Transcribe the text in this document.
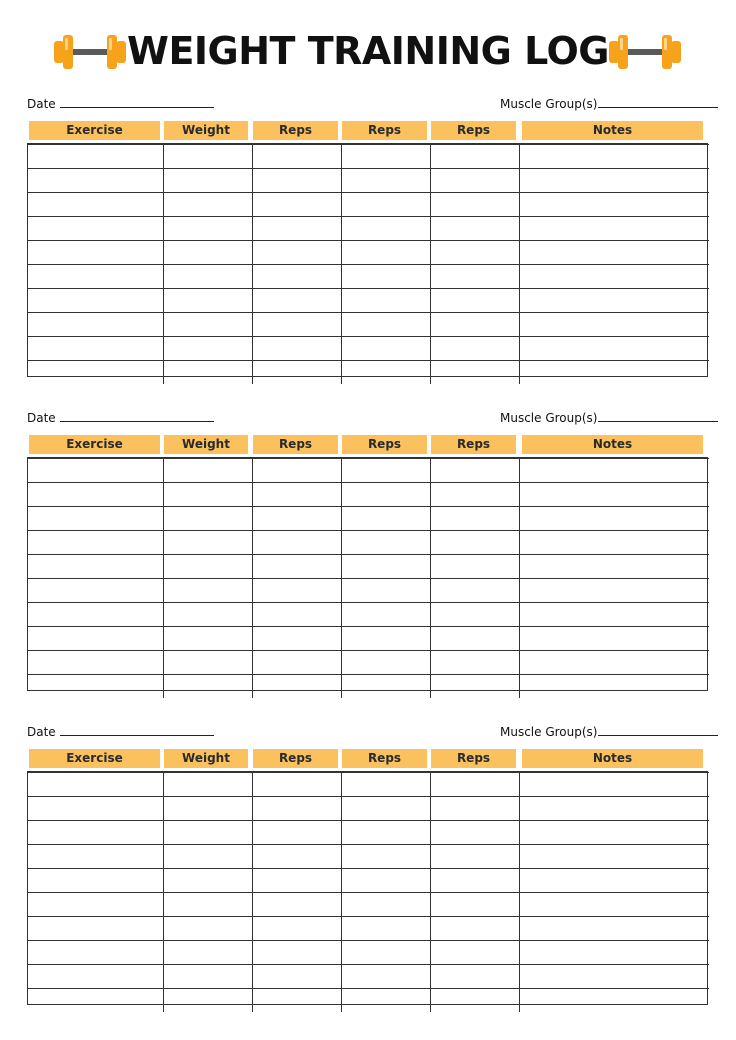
WEIGHT TRAINING LOG
Date	Muscle Group(s)
Exercise	Weight	Reps	Reps	Reps	Notes

Date	Muscle Group(s)
Exercise	Weight	Reps	Reps	Reps	Notes

Date	Muscle Group(s)
Exercise	Weight	Reps	Reps	Reps	Notes
